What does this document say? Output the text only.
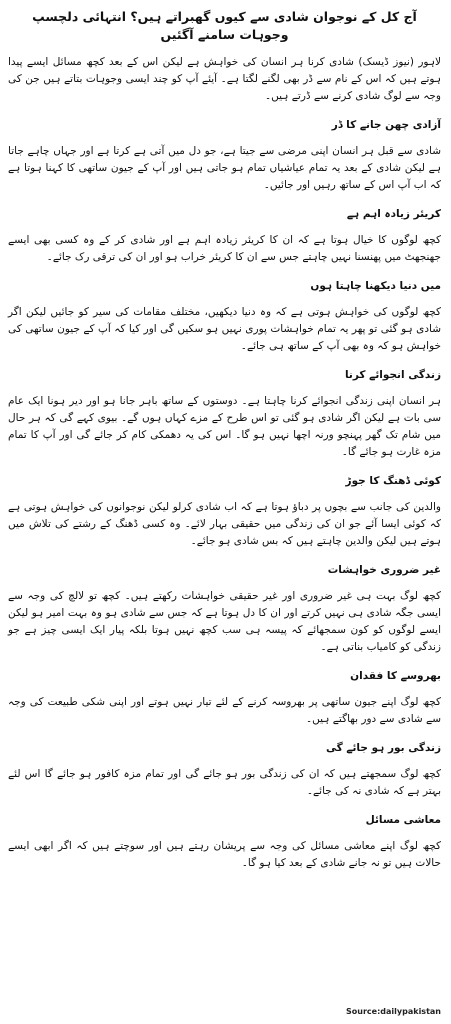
آج کل کے نوجوان شادی سے کیوں گھبراتے ہیں؟ انتہائی دلچسپ وجوہات سامنے آگئیں
لاہور (نیوز ڈیسک) شادی کرنا ہر انسان کی خواہش ہے لیکن اس کے بعد کچھ مسائل ایسے پیدا ہوتے ہیں کہ اس کے نام سے ڈر بھی لگنے لگتا ہے۔ آیئے آپ کو چند ایسی وجوہات بتاتے ہیں جن کی وجہ سے لوگ شادی کرنے سے ڈرتے ہیں۔
آزادی چھن جانے کا ڈر
شادی سے قبل ہر انسان اپنی مرضی سے جیتا ہے، جو دل میں آتی ہے کرتا ہے اور جہاں چاہے جاتا ہے لیکن شادی کے بعد یہ تمام عیاشیاں تمام ہو جاتی ہیں اور آپ کے جیون ساتھی کا کہنا ہوتا ہے کہ اب آپ اس کے ساتھ رہیں اور جائیں۔
کریئر زیادہ اہم ہے
کچھ لوگوں کا خیال ہوتا ہے کہ ان کا کریئر زیادہ اہم ہے اور شادی کر کے وہ کسی بھی ایسے جھنجھٹ میں پھنسنا نہیں چاہتے جس سے ان کا کریئر خراب ہو اور ان کی ترقی رک جائے۔
میں دنیا دیکھنا چاہتا ہوں
کچھ لوگوں کی خواہش ہوتی ہے کہ وہ دنیا دیکھیں، مختلف مقامات کی سیر کو جائیں لیکن اگر شادی ہو گئی تو پھر یہ تمام خواہشات پوری نہیں ہو سکیں گی اور کیا کہ آپ کے جیون ساتھی کی خواہش ہو کہ وہ بھی آپ کے ساتھ ہی جائے۔
زندگی انجوائے کرنا
ہر انسان اپنی زندگی انجوائے کرنا چاہتا ہے۔ دوستوں کے ساتھ باہر جانا ہو اور دیر ہونا ایک عام سی بات ہے لیکن اگر شادی ہو گئی تو اس طرح کے مزے کہاں ہوں گے۔ بیوی کہے گی کہ ہر حال میں شام تک گھر پہنچو ورنہ اچھا نہیں ہو گا۔ اس کی یہ دھمکی کام کر جائے گی اور آپ کا تمام مزہ غارت ہو جائے گا۔
کوئی ڈھنگ کا جوڑ
والدین کی جانب سے بچوں پر دباؤ ہوتا ہے کہ اب شادی کرلو لیکن نوجوانوں کی خواہش ہوتی ہے کہ کوئی ایسا آئے جو ان کی زندگی میں حقیقی بہار لائے۔ وہ کسی ڈھنگ کے رشتے کی تلاش میں ہوتے ہیں لیکن والدین چاہتے ہیں کہ بس شادی ہو جائے۔
غیر ضروری خواہشات
کچھ لوگ بہت ہی غیر ضروری اور غیر حقیقی خواہشات رکھتے ہیں۔ کچھ تو لالچ کی وجہ سے ایسی جگہ شادی ہی نہیں کرتے اور ان کا دل ہوتا ہے کہ جس سے شادی ہو وہ بہت امیر ہو لیکن ایسے لوگوں کو کون سمجھائے کہ پیسہ ہی سب کچھ نہیں ہوتا بلکہ پیار ایک ایسی چیز ہے جو زندگی کو کامیاب بناتی ہے۔
بھروسے کا فقدان
کچھ لوگ اپنے جیون ساتھی پر بھروسہ کرنے کے لئے تیار نہیں ہوتے اور اپنی شکی طبیعت کی وجہ سے شادی سے دور بھاگتے ہیں۔
زندگی بور ہو جائے گی
کچھ لوگ سمجھتے ہیں کہ ان کی زندگی بور ہو جائے گی اور تمام مزہ کافور ہو جائے گا اس لئے بہتر ہے کہ شادی نہ کی جائے۔
معاشی مسائل
کچھ لوگ اپنے معاشی مسائل کی وجہ سے پریشان رہتے ہیں اور سوچتے ہیں کہ اگر ابھی ایسے حالات ہیں تو نہ جانے شادی کے بعد کیا ہو گا۔
Source:dailypakistan
